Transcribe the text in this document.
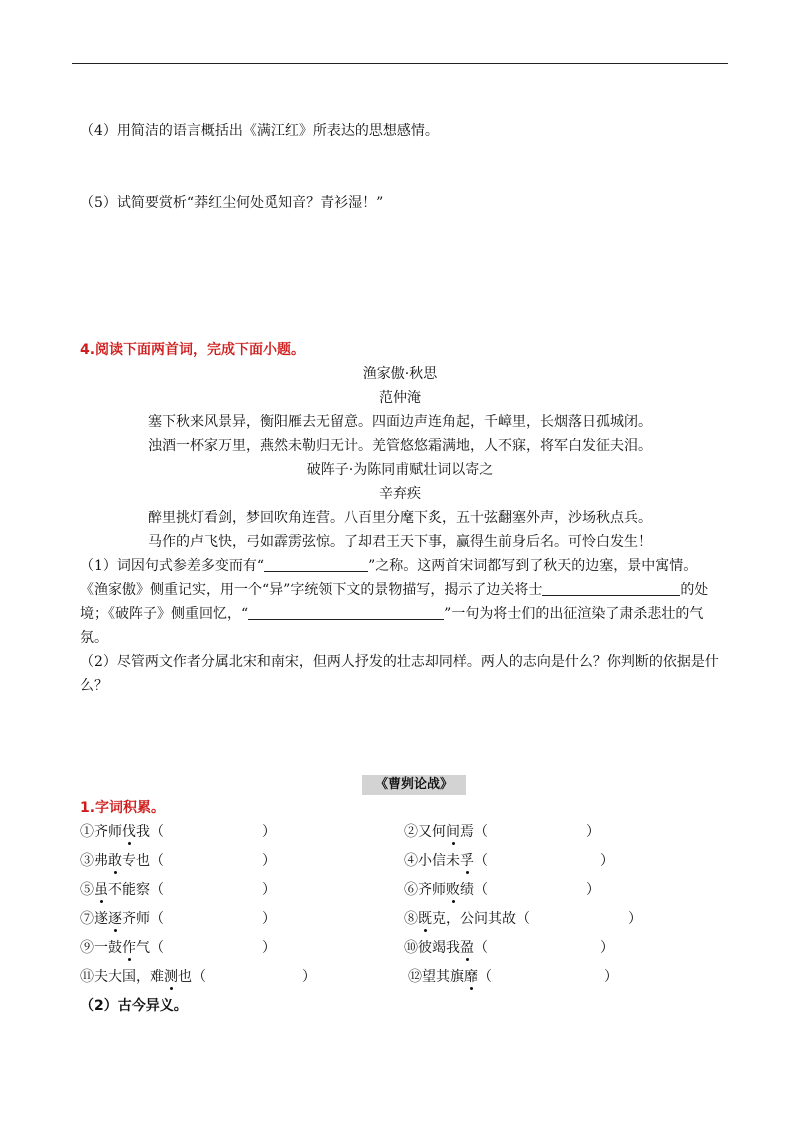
（4）用简洁的语言概括出《满江红》所表达的思想感情。
（5）试简要赏析“莽红尘何处觅知音？青衫湿！”
4.阅读下面两首词，完成下面小题。
渔家傲·秋思
范仲淹
塞下秋来风景异，衡阳雁去无留意。四面边声连角起，千嶂里，长烟落日孤城闭。
浊酒一杯家万里，燕然未勒归无计。羌管悠悠霜满地，人不寐，将军白发征夫泪。
破阵子·为陈同甫赋壮词以寄之
辛弃疾
醉里挑灯看剑，梦回吹角连营。八百里分麾下炙，五十弦翻塞外声，沙场秋点兵。
马作的卢飞快，弓如霹雳弦惊。了却君王天下事，赢得生前身后名。可怜白发生！
（1）词因句式参差多变而有“	”之称。这两首宋词都写到了秋天的边塞，景中寓情。
《渔家傲》侧重记实，用一个“异”字统领下文的景物描写，揭示了边关将士	的处
境；《破阵子》侧重回忆，“	”一句为将士们的出征渲染了肃杀悲壮的气
氛。
（2）尽管两文作者分属北宋和南宋，但两人抒发的壮志却同样。两人的志向是什么？你判断的依据是什
么？
《曹刿论战》
1.字词积累。
①齐师伐我（	）	②又何间焉（	）
③弗敢专也（	）	④小信未孚（	）
⑤虽不能察（	）	⑥齐师败绩（	）
⑦遂逐齐师（	）	⑧既克，公问其故（	）
⑨一鼓作气（	）	⑩彼竭我盈（	）
⑪夫大国，难测也（	）	⑫望其旗靡（	）
（2）古今异义。
